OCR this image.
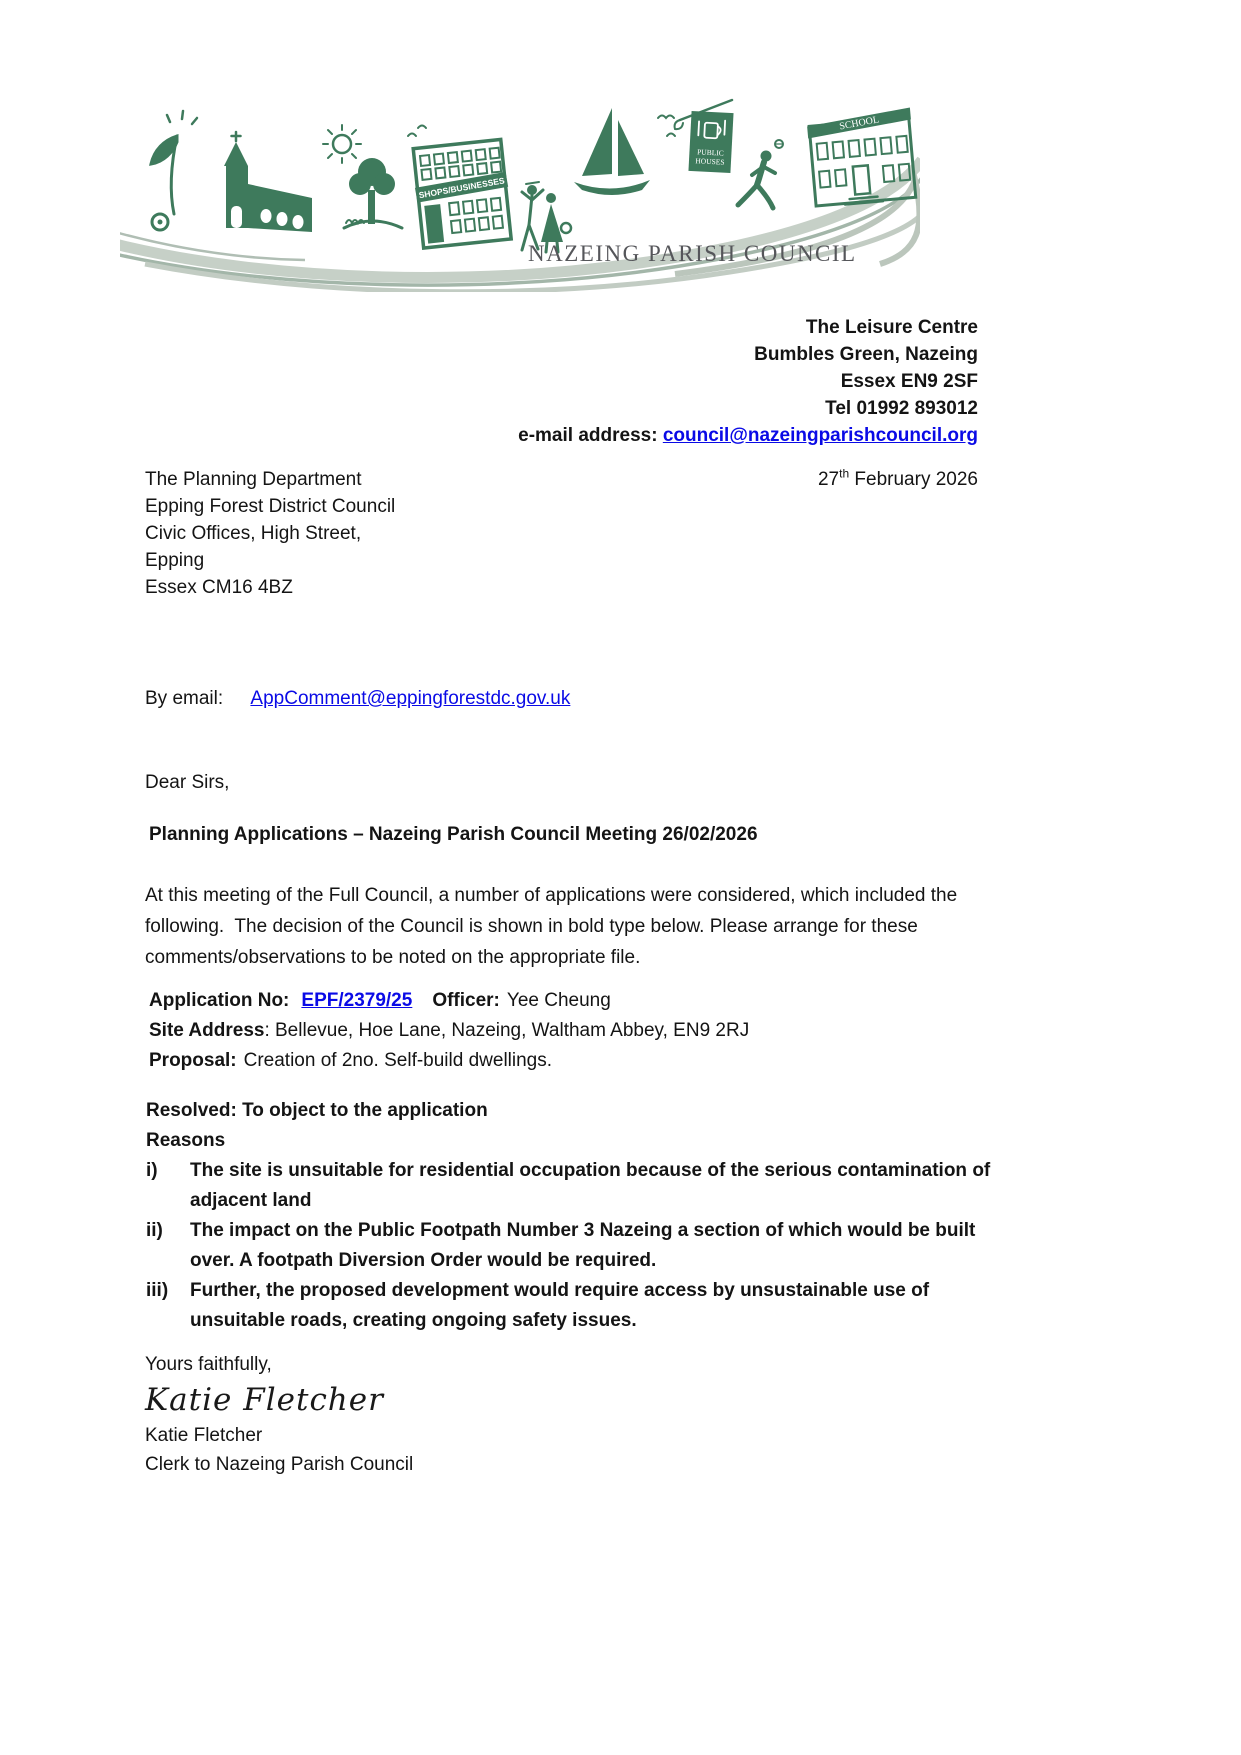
SHOPS/BUSINESSES
PUBLIC
HOUSES
SCHOOL
NAZEING PARISH COUNCIL
The Leisure Centre
Bumbles Green, Nazeing
Essex EN9 2SF
Tel 01992 893012
e-mail address: council@nazeingparishcouncil.org
The Planning Department
Epping Forest District Council
Civic Offices, High Street,
Epping
Essex CM16 4BZ
27th February 2026
By email: AppComment@eppingforestdc.gov.uk
Dear Sirs,
Planning Applications – Nazeing Parish Council Meeting 26/02/2026
At this meeting of the Full Council, a number of applications were considered, which included the following.  The decision of the Council is shown in bold type below. Please arrange for these comments/observations to be noted on the appropriate file.
Application No: EPF/2379/25 Officer: Yee Cheung
Site Address: Bellevue, Hoe Lane, Nazeing, Waltham Abbey, EN9 2RJ
Proposal: Creation of 2no. Self-build dwellings.
Resolved: To object to the application
Reasons
i)	The site is unsuitable for residential occupation because of the serious contamination of adjacent land
ii)	The impact on the Public Footpath Number 3 Nazeing a section of which would be built over. A footpath Diversion Order would be required.
iii)	Further, the proposed development would require access by unsustainable use of unsuitable roads, creating ongoing safety issues.
Yours faithfully,
Katie Fletcher
Katie Fletcher
Clerk to Nazeing Parish Council
